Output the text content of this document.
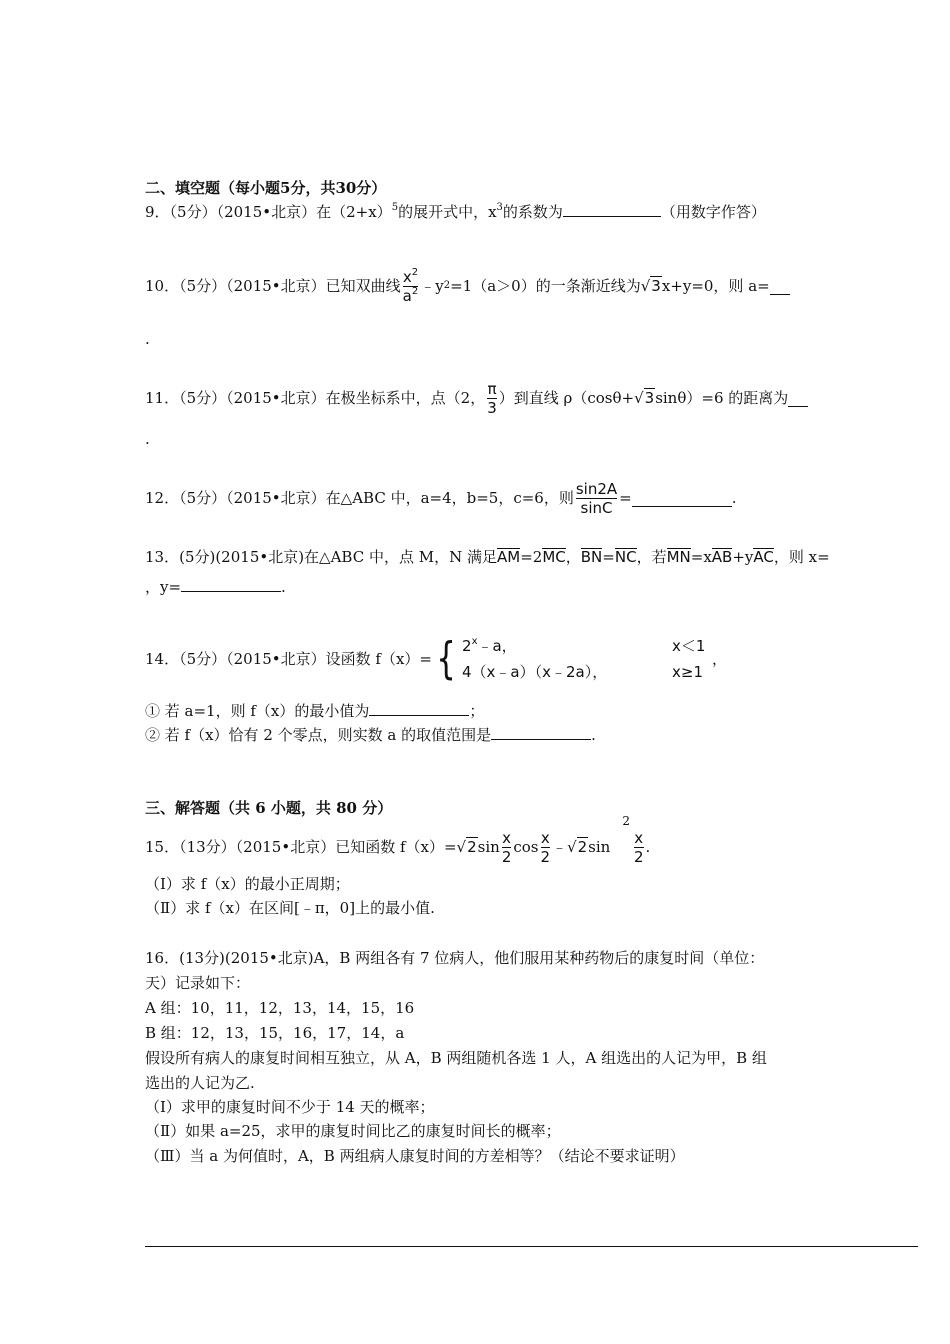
二、填空题（每小题5分，共30分）
9．（5分）（2015•北京）在$(2+x)^5$的展开式中，$x^3$的系数为	（用数字作答）
10．（5分）（2015•北京）已知双曲线 $\frac{x^2}{a^2}$ ﹣y 2 =1（a＞0）的一条渐近线为 √3 x+y=0，则 a=
.
11．（5分）（2015•北京）在极坐标系中，点（2， $\frac{\pi}{3}$ ）到直线 ρ（cosθ+ √3 sinθ）=6 的距离为
.
12．（5分）（2015•北京）在△ABC 中，a=4，b=5，c=6，则 $\frac{\sin 2A}{\sin C}$ =	.
13．(5分)(2015•北京)在△ABC 中，点 M，N 满足AM=2MC，BN=NC，若MN=xAB+yAC，则 x=
，y=	.
14．（5分）（2015•北京）设函数 f（x）= { 2$^x$﹣a，	x＜1
4（x﹣a）（x﹣2a），	x≥1
，
① 若 a=1，则 f（x）的最小值为	；
② 若 f（x）恰有 2 个零点，则实数 a 的取值范围是	.
三、解答题（共 6 小题，共 80 分）
15．（13分）（2015•北京）已知函数 f（x）= √2 $\sin \frac{x}{2}$ $\cos \frac{x}{2}$ ﹣ √2 sin
2
$\frac{x}{2}$ .
（Ⅰ）求 f（x）的最小正周期；
（Ⅱ）求 f（x）在区间[﹣π，0]上的最小值.
16．(13分)(2015•北京)A，B 两组各有 7 位病人，他们服用某种药物后的康复时间（单位：
天）记录如下：
A 组：10，11，12，13，14，15，16
B 组：12，13，15，16，17，14，a
假设所有病人的康复时间相互独立，从 A，B 两组随机各选 1 人，A 组选出的人记为甲，B 组
选出的人记为乙.
（Ⅰ）求甲的康复时间不少于 14 天的概率；
（Ⅱ）如果 a=25，求甲的康复时间比乙的康复时间长的概率；
（Ⅲ）当 a 为何值时，A，B 两组病人康复时间的方差相等？（结论不要求证明）
